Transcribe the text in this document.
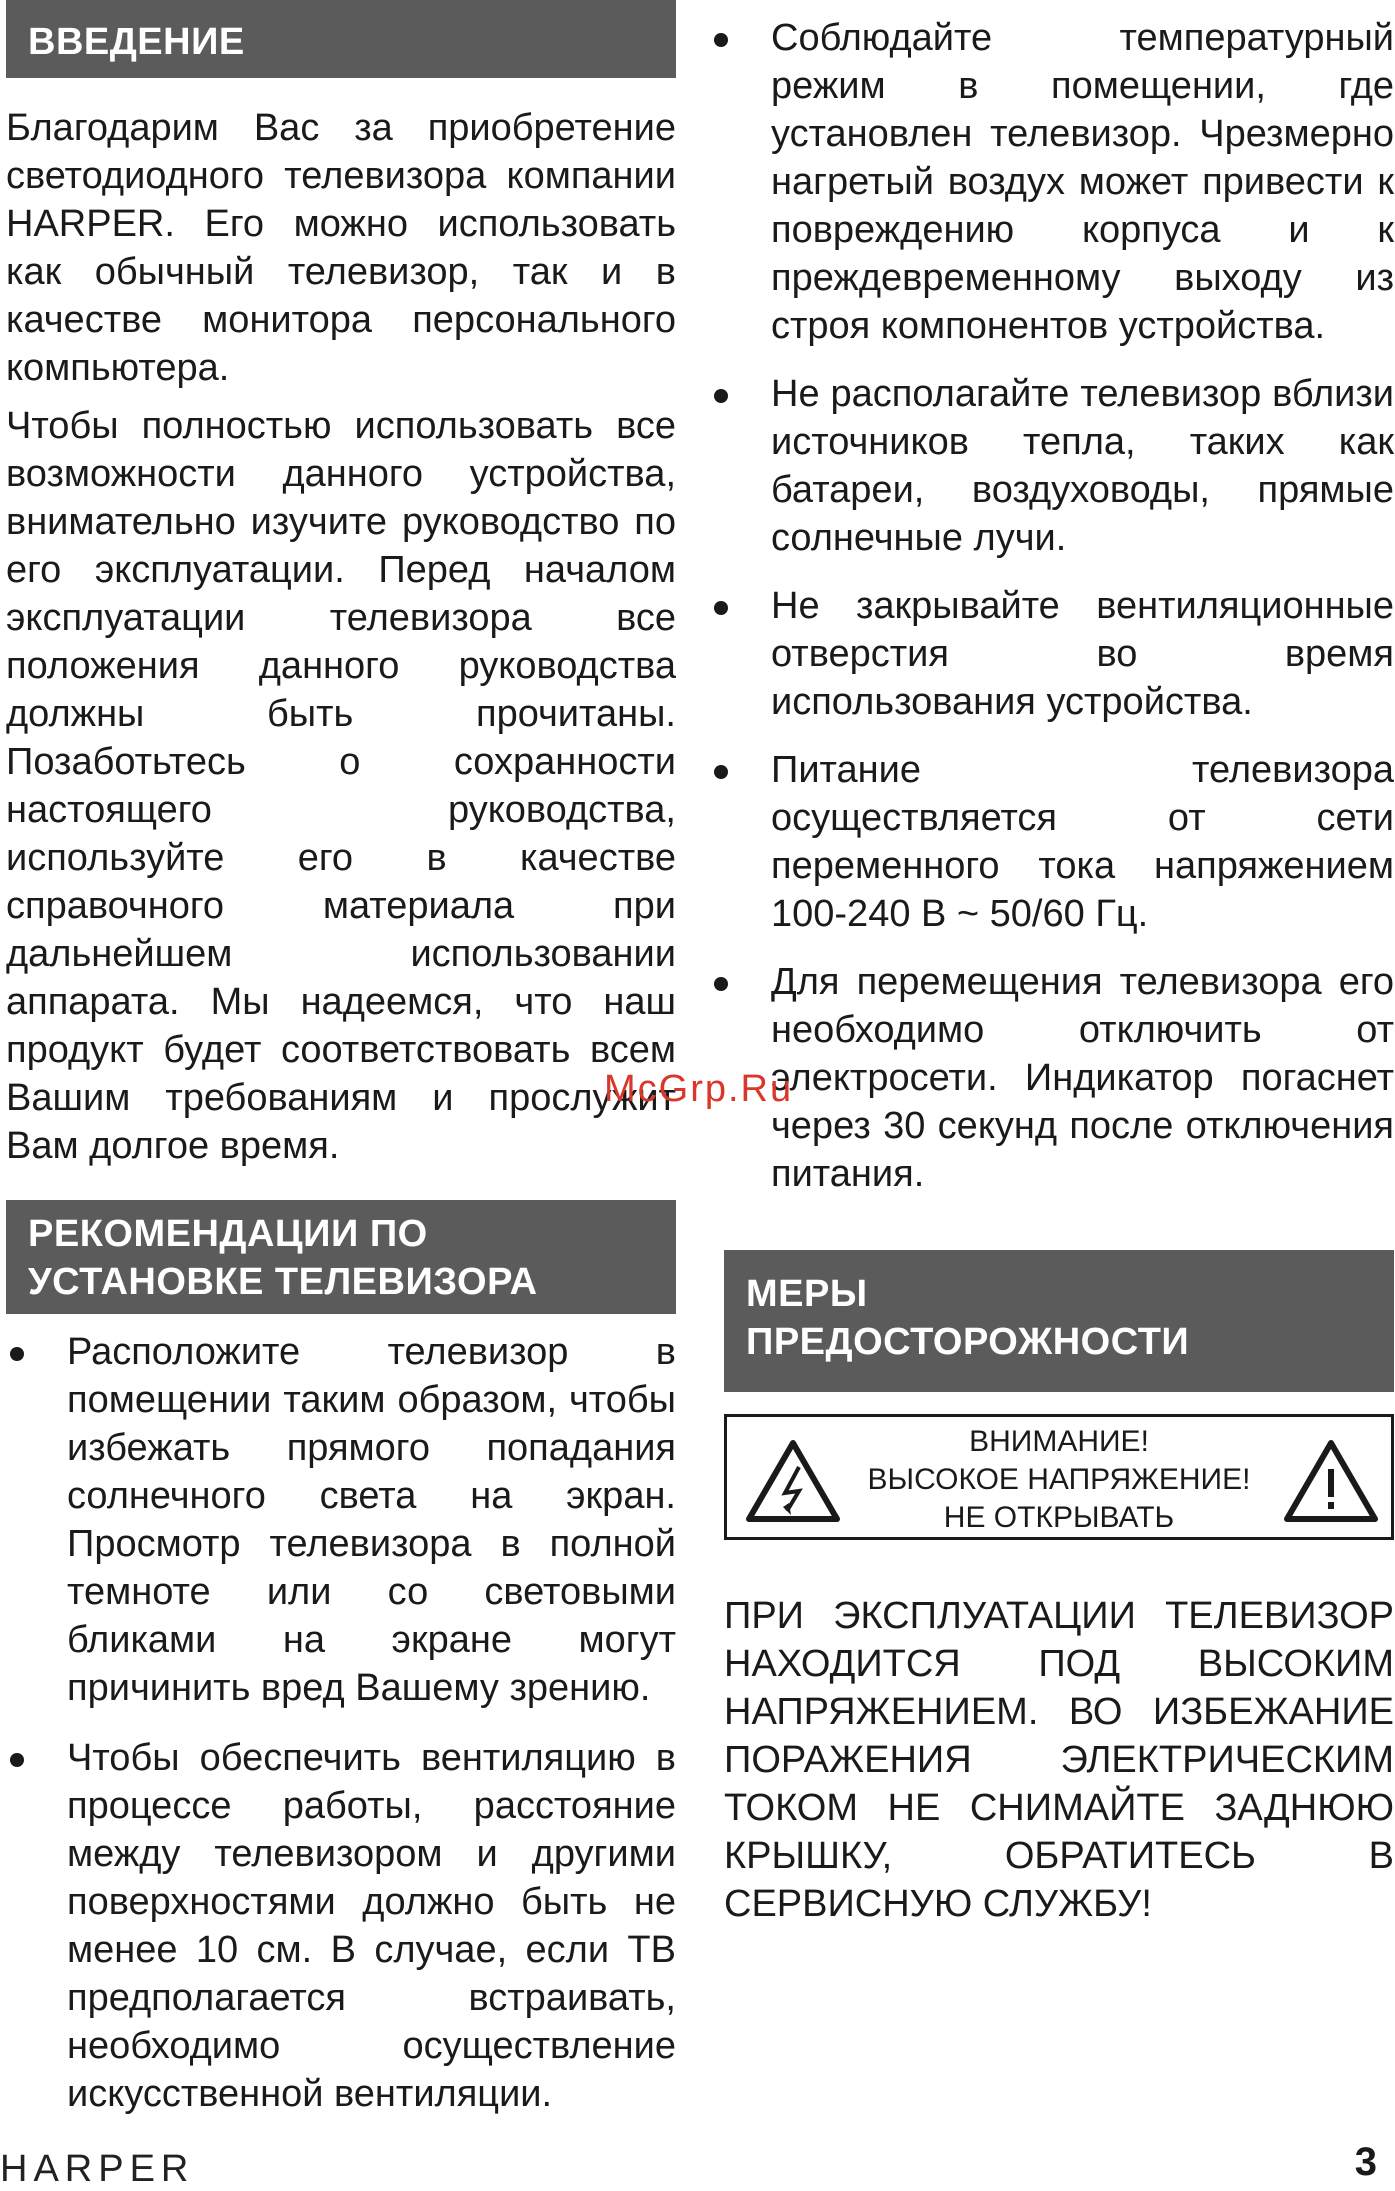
ВВЕДЕНИЕ

Благодарим Вас за приобретение светодиодного телевизора компании HARPER. Его можно использовать как обычный телевизор, так и в качестве монитора персонального компьютера.

Чтобы полностью использовать все возможности данного устройства, внимательно изучите руководство по его эксплуатации. Перед началом эксплуатации телевизора все положения данного руководства должны быть прочитаны. Позаботьтесь о сохранности настоящего руководства, используйте его в качестве справочного материала при дальнейшем использовании аппарата. Мы надеемся, что наш продукт будет соответствовать всем Вашим требованиям и прослужит Вам долгое время.

РЕКОМЕНДАЦИИ ПО
УСТАНОВКЕ ТЕЛЕВИЗОРА
Расположите телевизор в помещении таким образом, чтобы избежать прямого попадания солнечного света на экран. Просмотр телевизора в полной темноте или со световыми бликами на экране могут причинить вред Вашему зрению.
Чтобы обеспечить вентиляцию в процессе работы, расстояние между телевизором и другими поверхностями должно быть не менее 10 см. В случае, если ТВ предполагается встраивать, необходимо осуществление искусственной вентиляции.
Соблюдайте температурный режим в помещении, где установлен телевизор. Чрезмерно нагретый воздух может привести к повреждению корпуса и к преждевременному выходу из строя компонентов устройства.
Не располагайте телевизор вблизи источников тепла, таких как батареи, воздуховоды, прямые солнечные лучи.
Не закрывайте вентиляционные отверстия во время использования устройства.
Питание телевизора осуществляется от сети переменного тока напряжением 100-240 В ~ 50/60 Гц.
Для перемещения телевизора его необходимо отключить от электросети. Индикатор погаснет через 30 секунд после отключения питания.
МЕРЫ
ПРЕДОСТОРОЖНОСТИ
ВНИМАНИЕ!
ВЫСОКОЕ НАПРЯЖЕНИЕ!
НЕ ОТКРЫВАТЬ

ПРИ ЭКСПЛУАТАЦИИ ТЕЛЕВИЗОР НАХОДИТСЯ ПОД ВЫСОКИМ НАПРЯЖЕНИЕМ. ВО ИЗБЕЖАНИЕ ПОРАЖЕНИЯ ЭЛЕКТРИЧЕСКИМ ТОКОМ НЕ СНИМАЙТЕ ЗАДНЮЮ КРЫШКУ, ОБРАТИТЕСЬ В СЕРВИСНУЮ СЛУЖБУ!

McGrp.Ru
HARPER	3
